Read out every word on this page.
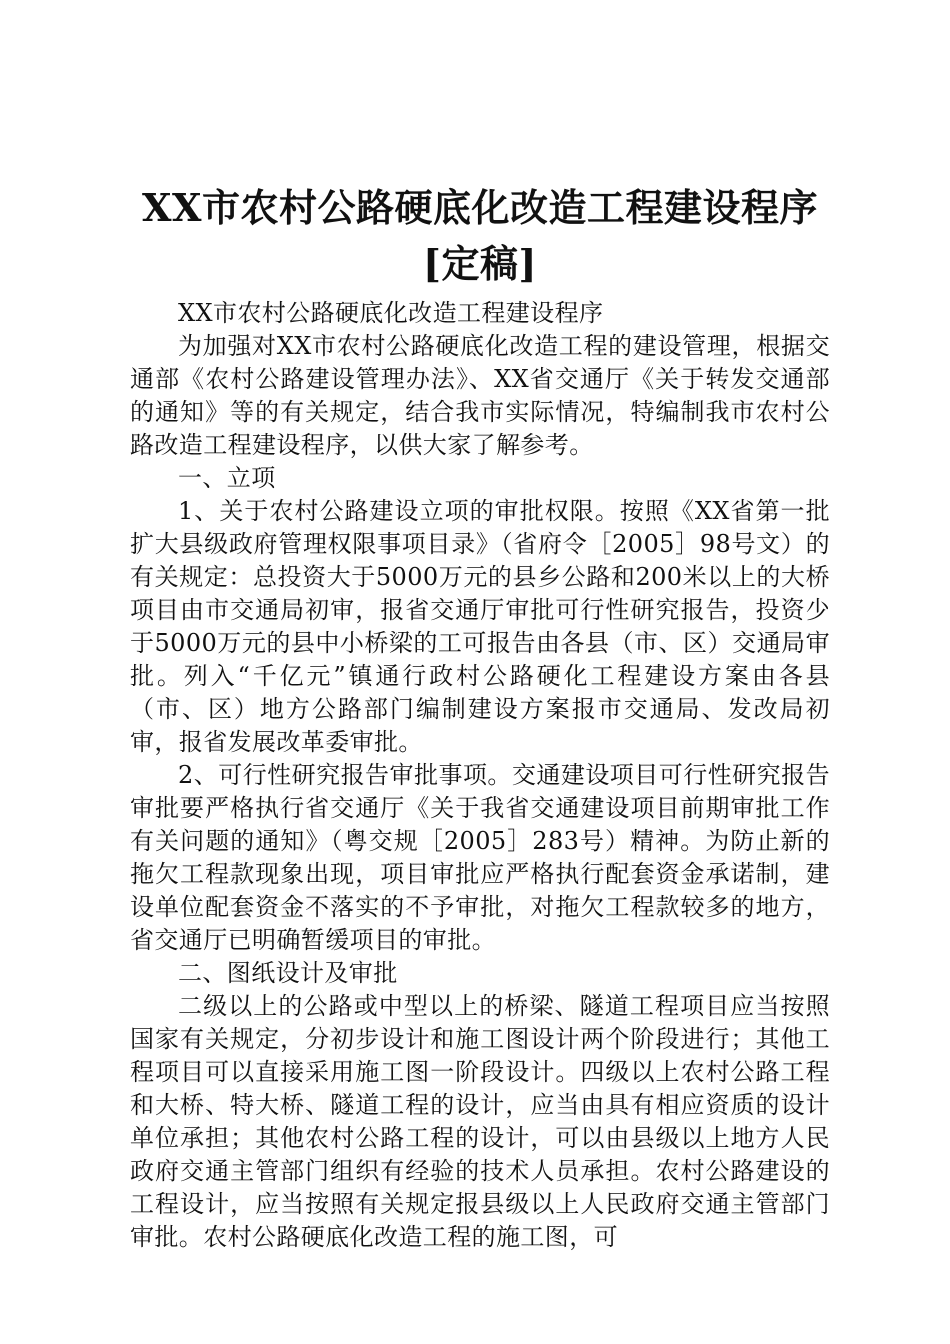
XX市农村公路硬底化改造工程建设程序[定稿]

XX市农村公路硬底化改造工程建设程序

为加强对XX市农村公路硬底化改造工程的建设管理，根据交通部《农村公路建设管理办法》、XX省交通厅《关于转发交通部的通知》等的有关规定，结合我市实际情况，特编制我市农村公路改造工程建设程序，以供大家了解参考。

一、立项

1、关于农村公路建设立项的审批权限。按照《XX省第一批扩大县级政府管理权限事项目录》（省府令［2005］98号文）的有关规定：总投资大于5000万元的县乡公路和200米以上的大桥项目由市交通局初审，报省交通厅审批可行性研究报告，投资少于5000万元的县中小桥梁的工可报告由各县（市、区）交通局审批。列入“千亿元”镇通行政村公路硬化工程建设方案由各县（市、区）地方公路部门编制建设方案报市交通局、发改局初审，报省发展改革委审批。

2、可行性研究报告审批事项。交通建设项目可行性研究报告审批要严格执行省交通厅《关于我省交通建设项目前期审批工作有关问题的通知》（粤交规［2005］283号）精神。为防止新的拖欠工程款现象出现，项目审批应严格执行配套资金承诺制，建设单位配套资金不落实的不予审批，对拖欠工程款较多的地方，省交通厅已明确暂缓项目的审批。

二、图纸设计及审批

二级以上的公路或中型以上的桥梁、隧道工程项目应当按照国家有关规定，分初步设计和施工图设计两个阶段进行；其他工程项目可以直接采用施工图一阶段设计。四级以上农村公路工程和大桥、特大桥、隧道工程的设计，应当由具有相应资质的设计单位承担；其他农村公路工程的设计，可以由县级以上地方人民政府交通主管部门组织有经验的技术人员承担。农村公路建设的工程设计，应当按照有关规定报县级以上人民政府交通主管部门审批。农村公路硬底化改造工程的施工图，可
